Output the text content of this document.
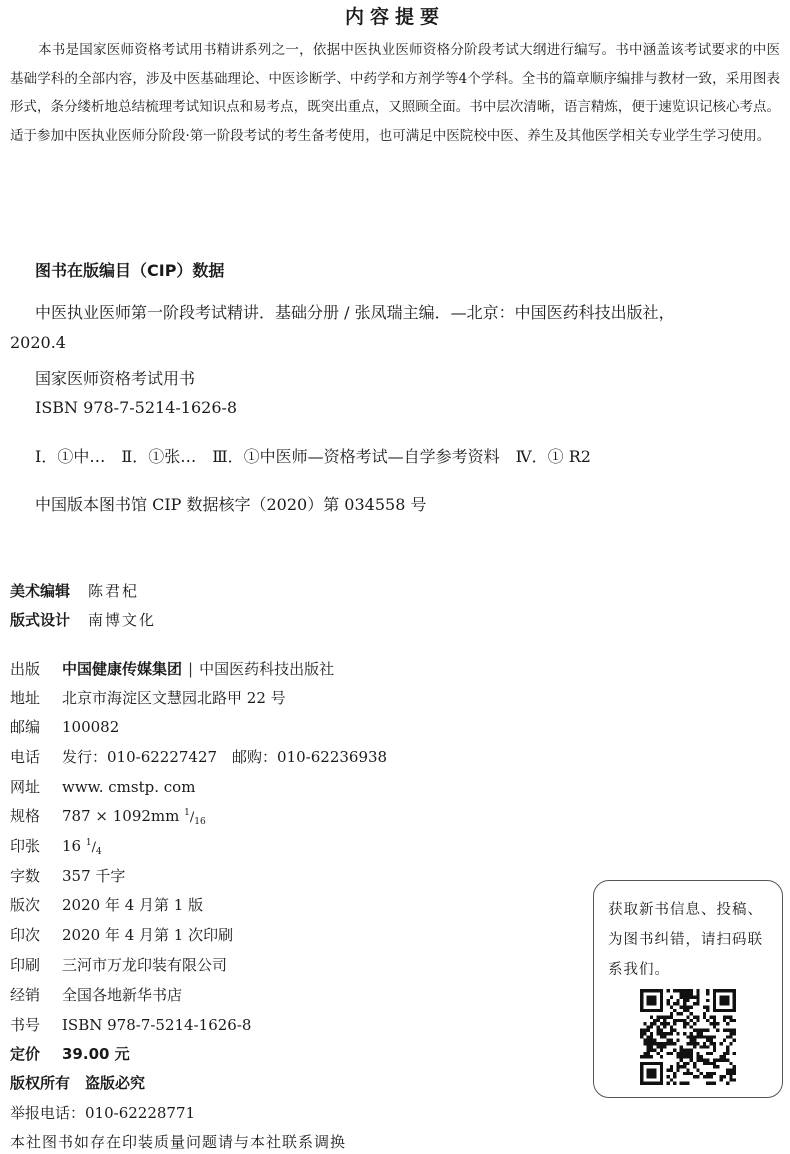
内容提要

本书是国家医师资格考试用书精讲系列之一，依据中医执业医师资格分阶段考试大纲进行编写。书中涵盖该考试要求的中医基础学科的全部内容，涉及中医基础理论、中医诊断学、中药学和方剂学等4个学科。全书的篇章顺序编排与教材一致，采用图表形式，条分缕析地总结梳理考试知识点和易考点，既突出重点，又照顾全面。书中层次清晰，语言精炼，便于速览识记核心考点。适于参加中医执业医师分阶段·第一阶段考试的考生备考使用，也可满足中医院校中医、养生及其他医学相关专业学生学习使用。

图书在版编目（CIP）数据
中医执业医师第一阶段考试精讲．基础分册 / 张凤瑞主编．—北京：中国医药科技出版社，
2020.4
国家医师资格考试用书
ISBN 978-7-5214-1626-8
Ⅰ．①中…　Ⅱ．①张…　Ⅲ．①中医师—资格考试—自学参考资料　Ⅳ．① R2
中国版本图书馆 CIP 数据核字（2020）第 034558 号
美术编辑 陈君杞
版式设计 南博文化
出版 中国健康传媒集团 | 中国医药科技出版社
地址 北京市海淀区文慧园北路甲 22 号
邮编 100082
电话 发行：010-62227427　邮购：010-62236938
网址 www. cmstp. com
规格 787 × 1092mm $^1/_{16}$
印张 16 $^1/_4$
字数 357 千字
版次 2020 年 4 月第 1 版
印次 2020 年 4 月第 1 次印刷
印刷 三河市万龙印装有限公司
经销 全国各地新华书店
书号 ISBN 978-7-5214-1626-8
定价 39.00 元
版权所有　盗版必究
举报电话：010-62228771
本社图书如存在印装质量问题请与本社联系调换

获取新书信息、投稿、为图书纠错，请扫码联系我们。
